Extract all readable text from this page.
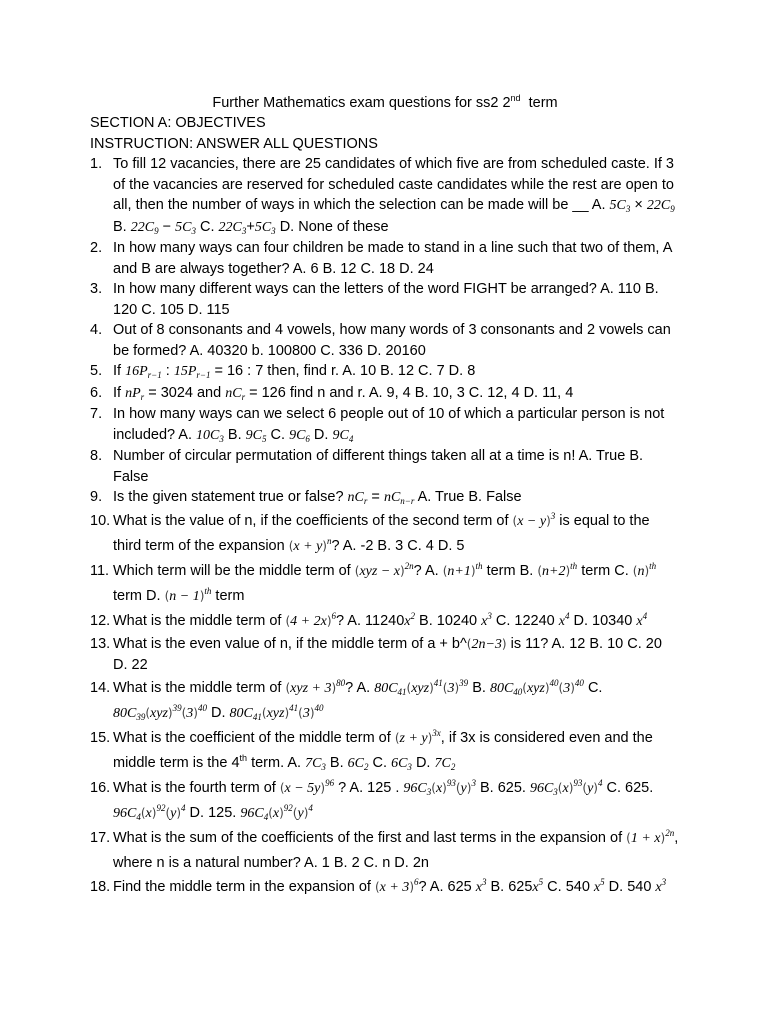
Further Mathematics exam questions for ss2 2nd  term
SECTION A: OBJECTIVES
INSTRUCTION: ANSWER ALL QUESTIONS
1. To fill 12 vacancies, there are 25 candidates of which five are from scheduled caste. If 3 of the vacancies are reserved for scheduled caste candidates while the rest are open to all, then the number of ways in which the selection can be made will be __ A. $5C_3 \times 22C_9$ B. $22C_9 - 5C_3$ C. $22C_3+5C_3$ D. None of these
2. In how many ways can four children be made to stand in a line such that two of them, A and B are always together? A. 6 B. 12 C. 18 D. 24
3. In how many different ways can the letters of the word FIGHT be arranged? A. 110 B. 120 C. 105 D. 115
4. Out of 8 consonants and 4 vowels, how many words of 3 consonants and 2 vowels can be formed? A. 40320 b. 100800 C. 336 D. 20160
5. If $16P_{r-1}$ : $15P_{r-1} = 16$ : 7 then, find r. A. 10 B. 12 C. 7 D. 8
6. If $nP_r = 3024$ and $nC_r = 126$ find n and r. A. 9, 4 B. 10, 3 C. 12, 4 D. 11, 4
7. In how many ways can we select 6 people out of 10 of which a particular person is not included? A. $10C_3$ B. $9C_5$ C. $9C_6$ D. $9C_4$
8. Number of circular permutation of different things taken all at a time is n! A. True B. False
9. Is the given statement true or false? $nC_r = nC_{n-r}$ A. True B. False
10. What is the value of n, if the coefficients of the second term of $(x - y)^3$ is equal to the third term of the expansion $(x + y)^n$? A. -2 B. 3 C. 4 D. 5
11. Which term will be the middle term of (xyz − x)$^{2n}$? A. $(n+1)^{th}$ term B. $(n+2)^{th}$ term C. $(n)^{th}$ term D. $(n - 1)^{th}$ term
12. What is the middle term of $(4 + 2x)^6$? A. $11240x^2$ B. 10240 $x^3$ C. 12240 $x^4$ D. 10340 $x^4$
13. What is the even value of n, if the middle term of a + b^(2n−3) is 11? A. 12 B. 10 C. 20 D. 22
14. What is the middle term of (xyz + 3)$^{80}$? A. $80C_{41}(xyz)^{41}(3)^{39}$ B. $80C_{40}(xyz)^{40}(3)^{40}$ C. $80C_{39}(xyz)^{39}(3)^{40}$ D. $80C_{41}(xyz)^{41}(3)^{40}$
15. What is the coefficient of the middle term of $(z + y)^{3x}$, if 3x is considered even and the middle term is the 4th term. A. $7C_3$ B. $6C_2$ C. $6C_3$ D. $7C_2$
16. What is the fourth term of $(x - 5y)^{96}$ ? A. 125 . $96C_3(x)^{93}(y)^3$ B. 625. $96C_3(x)^{93}(y)^4$ C. 625. $96C_4(x)^{92}(y)^4$ D. 125. $96C_4(x)^{92}(y)^4$
17. What is the sum of the coefficients of the first and last terms in the expansion of $(1 + x)^{2n}$, where n is a natural number? A. 1 B. 2 C. n D. 2n
18. Find the middle term in the expansion of $(x + 3)^6$? A. 625 $x^3$ B. $625x^5$ C. 540 $x^5$ D. 540 $x^3$
